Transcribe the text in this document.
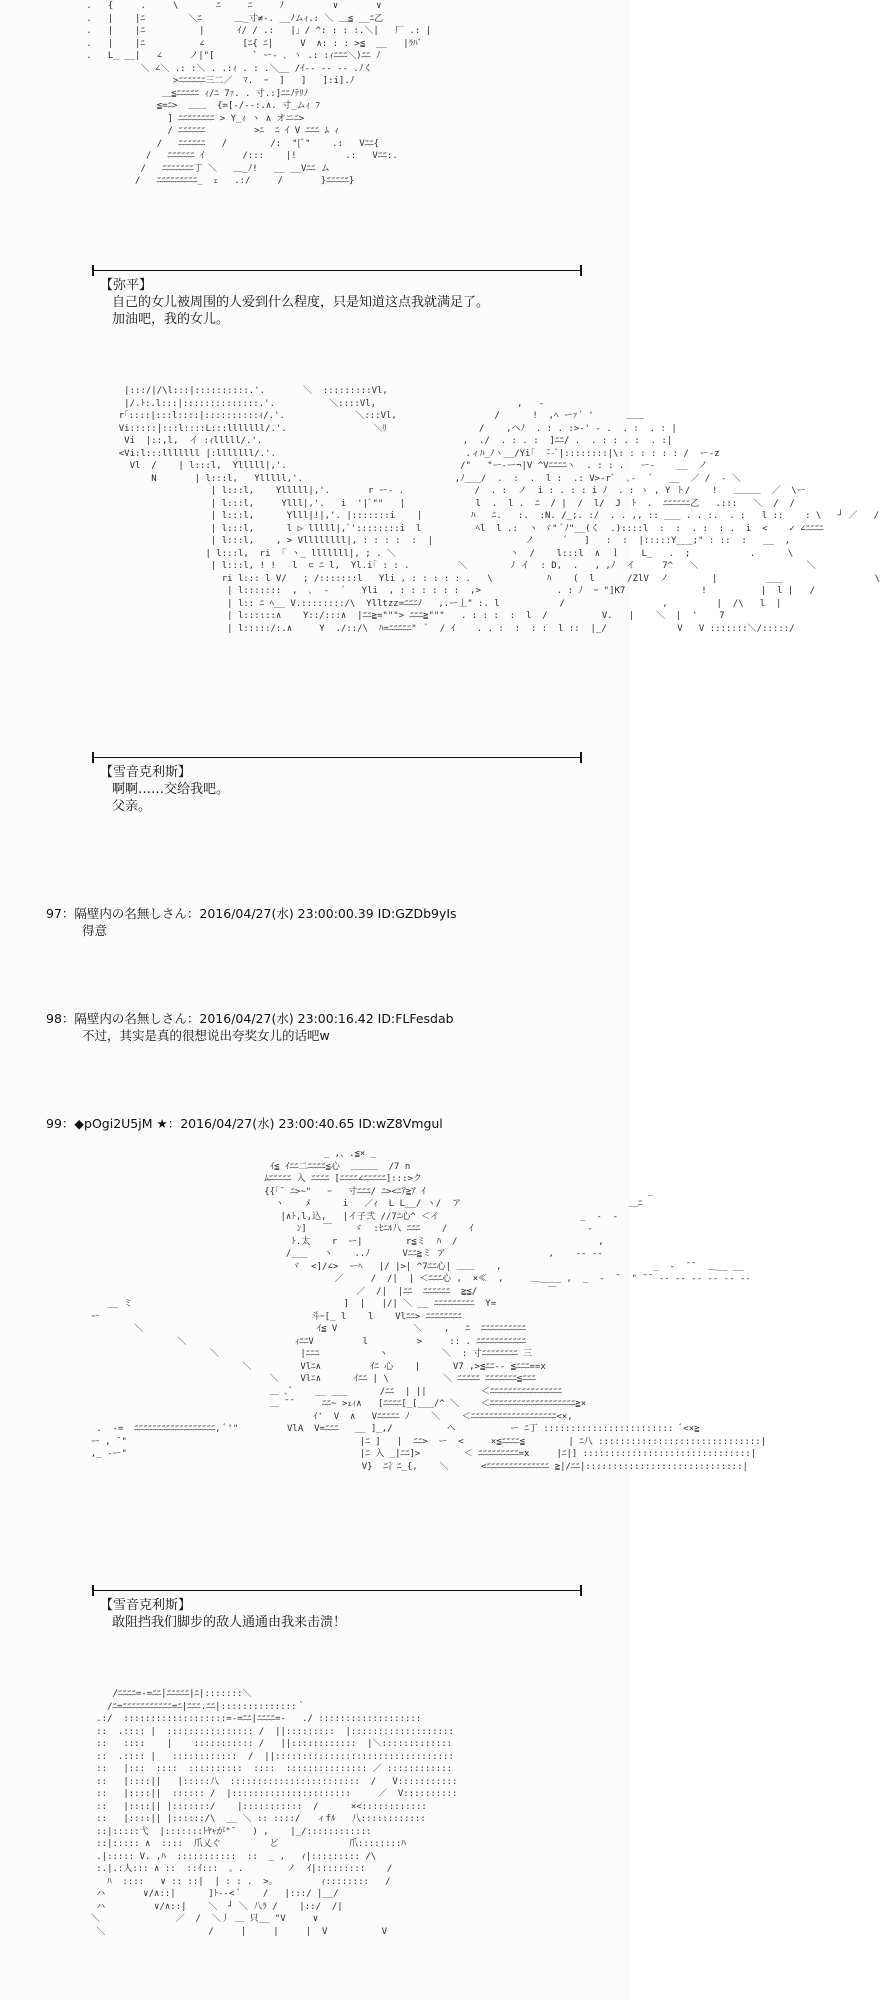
.   {     .     \       ﾆ     ﾆ     ﾉ         ∨       ∨
.   |    |ﾆ        ＼ﾆ      ＿_寸≠-. __ﾉムｨ.: ＼ ＿≦ __ﾆ乙
.   |    |ﾆ          |      ｲ/ / .:   |」/ ^: : : :.＼|   厂 .: |
.   |    |ﾆ          ∠       [ﾆ{ ﾆ|     V  ∧: : : >≦  __   |ﾗﾊﾞ
.   L_ __|   ∠     ノ|"[       ` ー- ､ ヽ .: :ｨﾆﾆﾆ＼)ﾆﾆ ﾉ
＼ ∠＼ .: :＼ . .:ｨ . : .＼__ /ｲ-- -- -- .ﾉく
>ﾆﾆﾆﾆﾆﾆ三二／  ﾏ.  ｰ  ]   ]   ]:i].ﾉ
＿≦ﾆﾆﾆﾆﾆ ｨ/ﾆ 7ｧ. . 寸.:]ﾆﾆﾉﾃﾘﾉ
≦=ﾆ>  ＿＿  {=[-/--:.∧. 寸_ムｨ ﾌ
] ﾆﾆﾆﾆﾆﾆﾆﾆ > Y_ｨ ヽ ∧ オニﾆ>
/ ﾆﾆﾆﾆﾆﾆ         >ﾆ  ﾆ ｲ V ﾆﾆﾆ ﾑ ｨ
/   ﾆﾆﾆﾆﾆﾆ   /        /:  "[ﾞ"    .:   Vﾆﾆ{
/   ﾆﾆﾆﾆﾆﾆ ｲ       /:::    |!         .:   Vﾆﾆ:.
/   ﾆﾆﾆﾆﾆﾆﾆ丁 ＼   ＿_ﾉ!   __ __Vﾆﾆ ム
/   ﾆﾆﾆﾆﾆﾆﾆﾆﾆ_  ｪ   .:/     /       }ﾆﾆﾆﾆﾆ}
【弥平】
自己的女儿被周围的人爱到什么程度，只是知道这点我就满足了。
加油吧，我的女儿。
|:::/|/\l:::|::::::::::.'.       ＼  :::::::::Vl,
|/.ﾄ:.l:::|::::::::::::::.'.          ＼::::Vl,                          ,   -
r｢::::|:::l::::|::::::::::ｨ/.'.             ＼:::Vl,                  /      !  ,ﾍ ーｧ´ '      ＿＿
Vi:::::|:::l::::L:::lllllll/.'.                ＼ﾘ                 /    ,ヘﾉ  . : . :>-' - .  . :  . : |
Vi  |::,l,  イ :ｨlllll/.'.                                     ,  ./  . : . :  ]ﾆﾆ/ .  . : : . :  . :|
<Vi:l:::lllllll |:lllllll/.'.                                   .ィﾊ_ﾉヽ__/Yi｢  ̄--ﾞ|::::::::|\: : : : : : /  ー-z
Vl  /    | l:::l,  Ylllll|,'.                                /"   "ー-ー¬|V ^Vﾆﾆﾆﾆヽ  . : : .   ー-    __  ノ
N       | l:::l,   Ylllll,'.                            ,ﾉ___/  .  :  .  l :  .: V>-rﾞ  ､-  ´   __  ／ /  - ＼
| l:::l,    Ylllll|,'.       r ー- .             /  . :  ノ  i : . : : i ﾉ  . : ゝ , Y ト/    !   ＿＿＿  ／  \ー
| l:::l,     Ylll|,'.   i  '|ﾞ""   |             l  .  l .  ﾆ  / |  /  l/  J  ﾄ  .  ﾆﾆﾆﾆﾆﾆ乙   .:::   ＼  /  /
| l:::l,      Ylll|!|,'. |:::::::i    |         ﾊ   ﾆ.   :.  :N. /_;. :/  . . ,, :: ___ . . :.  . :   l ::    : \   ┘ ／   /
| l:::l,      l ▷ lllll|,ﾞ'::::::::i  l          ﾍl  l .:  ヽ ゞ" ﾞﾉ"__(く  .)::::l  :  :  . :  : .  i  <    ✓ ∠ﾆﾆﾆﾆ
| l:::l,    , > Vllllllll|, : : : :  :  |                 ノ      ﾞ   ]   :  :  |:::::Y___;" : ::  :   __  ,
| l:::l,  ri  ｢ ヽ_ lllllll|, ; . ＼                     丶  /    l:::l  ∧  ｌ    L_   .  ;           .      \
| l:::l, ! !   l  ⊂ ﾆ l,  Yl.i｢ : : .         ＼        ﾉ イ  : D,  .   , ,ﾉ  イ     7^   ＼                    ＼
ri l::: l V/   ; /:::::::l   Yli , : : : : : .   \          ﾊ    (  l      /ZlV  ノ        |         ___                 \
| l:::::::  ,  ､  -  ´   Yli  , : : : : : :  ,>              . : ﾉ  ｰ "]K7              !          |  l |   /
| l:: ﾆ ﾍ__ V.::::::::/\  Ylltzz=ﾆﾆﾆﾉ   ,.ー丄" :. l           /                  ,         |  /\   l  |
| l::::::∧    Y::/:::∧  |ﾆﾆ≧="""> ﾆﾆﾆ≧"""   . : : :  :  l  /          V.   |    ＼  |  '    7
| l:::::/:.∧     Y  ./::/\  ﾊ=ﾆﾆﾆﾆﾆ"  ﾞ  / ｲ    . . :  :  : :  l ::  |_/             V   V :::::::＼/:::::/
【雪音克利斯】
啊啊……交给我吧。
父亲。
97：隔壁内の名無しさん：2016/04/27(水) 23:00:00.39 ID:GZDb9yIs
得意
98：隔壁内の名無しさん：2016/04/27(水) 23:00:16.42 ID:FLFesdab
不过，其实是真的很想说出夸奖女儿的话吧w
99：◆pOgi2U5jM ★：2016/04/27(水) 23:00:40.65 ID:wZ8Vmgul
_ ,、.≦× _
ｲ≦ ｲﾆﾆ二ﾆﾆﾆﾆ≦心  ＿＿＿  /7 n
ﾑﾆﾆﾆﾆﾆ 入 ﾆﾆﾆﾆ [ﾆﾆﾆﾆ∠ﾆﾆﾆﾆﾆ]:::>ク
{{｢¯ ﾆ>~"   ｰ   寸ﾆﾆﾆ/ ﾆ><ﾆｱ≧ｱ ｲ                                         _
ヽ    ﾒ      i   ／ｨ  L L__/ ヽ/  ア                               ＿ﾆ
|∧ﾄ,l,込,   |イ子弐 //7ﾆ心^ ＜イ                          _  -  -
ﾝ]   ￣    ゞ  :ﾋﾆﾙ八 ﾆﾆﾆ    /    ｲ                     -
ﾄ.太    r  ー|        r≦ミ  ﾊ  /                          ,
/___   ヽ    ..ﾉ      Vﾆﾆ≧ミ ア                   ,    -- --
ヾ  <]/∠>  ーﾍ   |/ |>| ^7ﾆﾆ心| ＿＿    ,                            _  -  ¯¯  ＿__ __
／     /  /|  | ＜ﾆﾆﾆ心 ,  ×≪  ,     ＿____ ,  _  -  ̄   " ¯¯ -- -- -- -- -- --
／  /|  |ﾆﾆ  ﾆﾆﾆﾆﾆﾆ  ≧≦/             ￣
__ ミ                                       ]  |   |/| ＼ __ ﾆﾆﾆﾆﾆﾆﾆﾆﾆ  Y=
ー                                       斗ｰ[_ l    l    Vlﾆﾆ> ﾆﾆﾆﾆﾆﾆﾆﾆ
＼                                ｲ≦ V              ＼    ,   ﾆ  ﾆﾆﾆﾆﾆﾆﾆﾆﾆﾆ
＼                    ｨﾆﾆV         l         >     :: . ﾆﾆﾆﾆﾆﾆﾆﾆﾆﾆﾆ
＼               |ﾆﾆﾆ           ヽ          ＼  : 寸ﾆﾆﾆﾆﾆﾆﾆﾆ 三
＼         Vlﾆ∧         ｲﾆ 心    |      V7 ,>≦ﾆﾆ-- ≦ﾆﾆﾆ==x
＼    Vlﾆ∧      ｲﾆﾆ | \          ＼ ﾆﾆﾆﾆﾆ ﾆﾆﾆﾆﾆﾆﾆ≦ﾆﾆﾆ
＿ ､ﾞ    __ ___      /ﾆﾆ  | ||          ＜ﾆﾆﾆﾆﾆﾆﾆﾆﾆﾆﾆﾆﾆﾆﾆﾆ
＿ ¯¯     ﾆﾆ~ >ｪｨ∧   [ﾆﾆﾆﾆ[_[___/^ ＼    ＜ﾆﾆﾆﾆﾆﾆﾆﾆﾆﾆﾆﾆﾆﾆﾆﾆﾆﾆﾆ≧×
ｲ'  V  ∧   Vﾆﾆﾆﾆﾆ ﾉ    ＼    ＜ﾆﾆﾆﾆﾆﾆﾆﾆﾆﾆﾆﾆﾆﾆﾆﾆﾆﾆﾆ<×,
.  -=  ﾆﾆﾆﾆﾆﾆﾆﾆﾆﾆﾆﾆﾆﾆﾆﾆﾆﾆ, ﾞ'"         VlA  V=ﾆﾆﾆ   __ ]_,/          へ          ー ﾆ丁 :::::::::::::::::::::::: ﾞ<×≧
ー , ¯"                                           |ﾆ ]   |  ﾆﾆ>  ー  <     ×≦ﾆﾆﾆﾆ≦        | ﾆ八 ::::::::::::::::::::::::::::::|
,_ -ー"                                           |ﾆ 入 _|ﾆﾆ]>        ＜ ﾆﾆﾆﾆﾆﾆﾆﾆﾆ=x     |ﾆ|] :::::::::::::::::::::::::::::::|
V}  ﾆ冫ﾆ_{,    ＼      <ﾆﾆﾆﾆﾆﾆﾆﾆﾆﾆﾆﾆﾆﾆ ≧|/ﾆﾆ|:::::::::::::::::::::::::::::|
【雪音克利斯】
敢阻挡我们脚步的敌人通通由我来击溃！
/ﾆﾆﾆﾆ=-=ﾆﾆ|ﾆﾆﾆﾆﾆ|ﾆ|:::::::＼
/ﾆ=ﾆﾆﾆﾆﾆﾆﾆﾆﾆﾆﾆ=ﾆ|ﾆﾆﾆ.ﾆﾆ|::::::::::::::｀
.:/  :::::::::::::::::::=-=ﾆﾆ|ﾆﾆﾆﾆ=-   ./ :::::::::::::::::::
::  .:::: |  :::::::::::::::: /  ||:::::::::  |:::::::::::::::::::
::   ::::    |    ::::::::::: /   ||::::::::::::  |＼:::::::::::::
::  .:::: |   ::::::::::::  /  ||:::::::::::::::::::::::::::::::::
::   |:::  ::::  ::::::::::  ::::  ::::::::::::::: ／
::   |::::||   |:::::八  ::::::::::::::::::::::::  /
::   |::::||  :::::: /  |::::::::::::::::::::::     ／
::   |::::|| |:::::::/    |:::::::::::  /      ×<::::::::::::
::   |::::|| |::::::/\  __ ＼ :: ::::/   ィfﾙ   八::::::::::::
::|:::::弋  |:::::::ﾄﾔｬが"¯   ) ,    |_/::::::::::::
::|::::: ∧  ::::  爪乂ぐ         ど             爪::::::::ﾊ
.|::::: V. ,ﾊ  :::::::::::  ::  _ ,   ｨ|::::::::: /\
:.|.:人::: ∧ ::  ::ｲ:::  。.        ノ  ｲ|:::::::::    /
ﾊ  ::::   ∨ :: ::|  | : : .  >。        ｨ::::::::   /
ハ       ∨/∧::|      ]ﾄ--< ﾞ    /   |:::/ |__/
ハ         ∨/∧::|    ＼  ┘ ＼ 八ﾗ /    |::/  /|
＼              ／  /  ＼丿 ＿ 只__ "V     ∨
＼                   /     |     |     |  V          V
